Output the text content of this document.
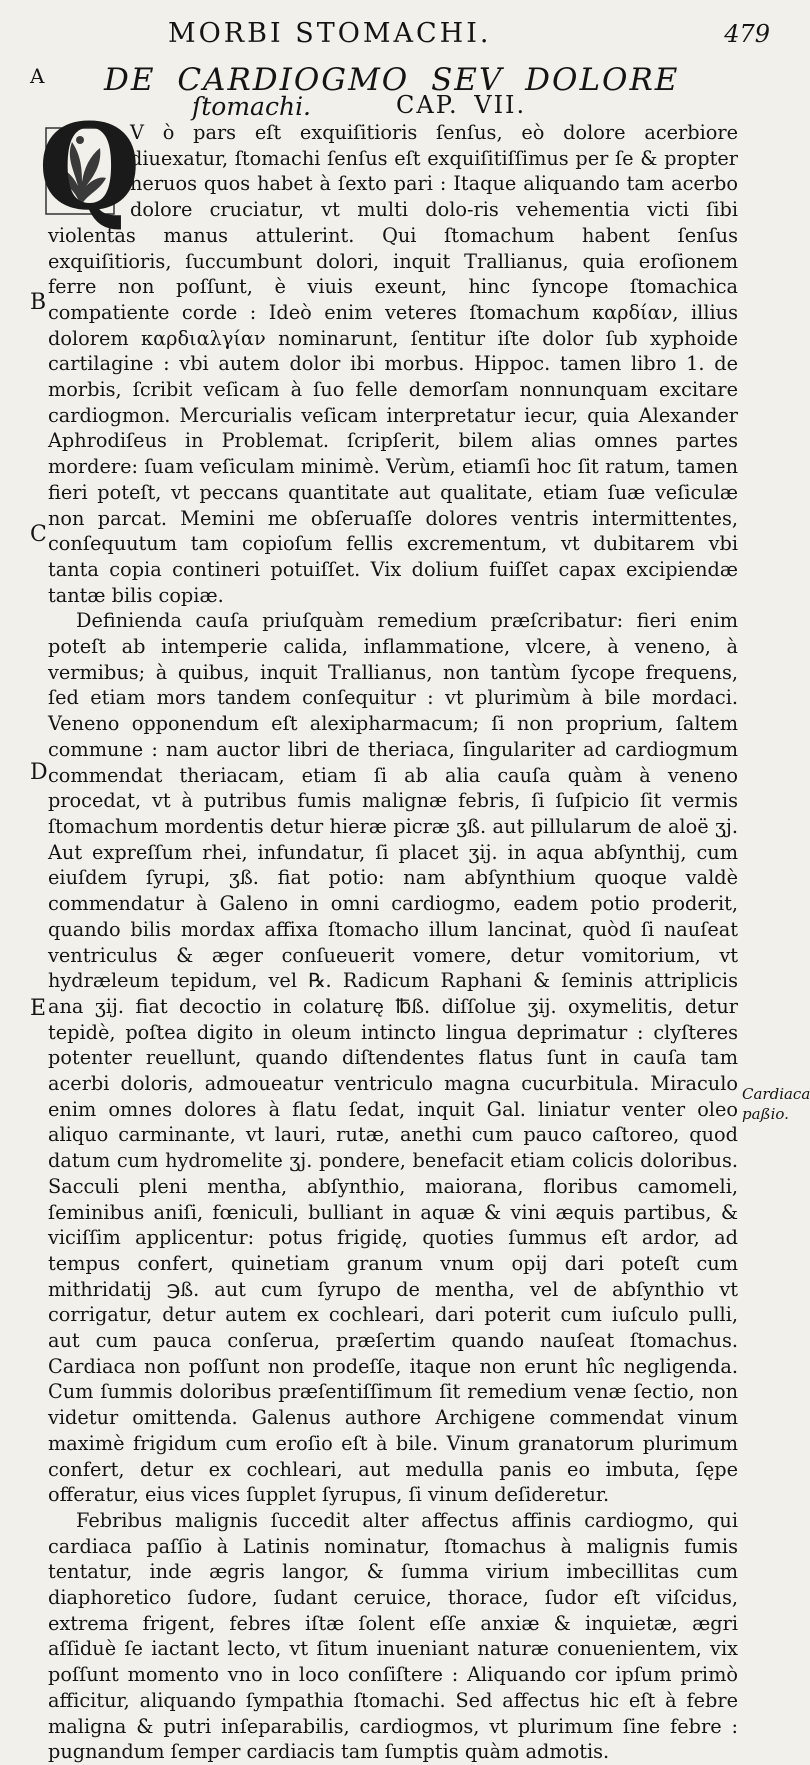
MORBI STOMACHI.	479
A DE CARDIOGMO SEV DOLORE
ſtomachi.	CAP. VII.
B
C
D
E
Cardiaca paßio.

Q
V ò pars eſt exquiſitioris ſenſus, eò dolore acerbiore diuexatur, ſtomachi ſenſus eſt exquiſitiſſimus per ſe & propter neruos quos habet à ſexto pari : Itaque aliquando tam acerbo dolore cruciatur, vt multi dolo-ris vehementia victi ſibi violentas manus attulerint. Qui ſtomachum habent ſenſus exquiſitioris, ſuccumbunt dolori, inquit Trallianus, quia eroſionem ferre non poſſunt, è viuis exeunt, hinc ſyncope ſtomachica compatiente corde : Ideò enim veteres ſtomachum καρδίαν, illius dolorem καρδιαλγίαν nominarunt, ſentitur iſte dolor ſub xyphoide cartilagine : vbi autem dolor ibi morbus. Hippoc. tamen libro 1. de morbis, ſcribit veſicam à ſuo felle demorſam nonnunquam excitare cardiogmon. Mercurialis veſicam interpretatur iecur, quia Alexander Aphrodiſeus in Problemat. ſcripſerit, bilem alias omnes partes mordere: ſuam veſiculam minimè. Verùm, etiamſi hoc ſit ratum, tamen fieri poteſt, vt peccans quantitate aut qualitate, etiam ſuæ veſiculæ non parcat. Memini me obſeruaſſe dolores ventris intermittentes, conſequutum tam copioſum fellis excrementum, vt dubitarem vbi tanta copia contineri potuiſſet. Vix dolium fuiſſet capax excipiendæ tantæ bilis copiæ.

Definienda cauſa priuſquàm remedium præſcribatur: fieri enim poteſt ab intemperie calida, inflammatione, vlcere, à veneno, à vermibus; à quibus, inquit Trallianus, non tantùm ſycope frequens, ſed etiam mors tandem conſequitur : vt plurimùm à bile mordaci. Veneno opponendum eſt alexipharmacum; ſi non proprium, ſaltem commune : nam auctor libri de theriaca, ſingulariter ad cardiogmum commendat theriacam, etiam ſi ab alia cauſa quàm à veneno procedat, vt à putribus fumis malignæ febris, ſi ſuſpicio ſit vermis ſtomachum mordentis detur hieræ picræ ʒß. aut pillularum de aloë ʒj. Aut expreſſum rhei, infundatur, ſi placet ʒij. in aqua abſynthij, cum eiuſdem ſyrupi, ʒß. fiat potio: nam abſynthium quoque valdè commendatur à Galeno in omni cardiogmo, eadem potio proderit, quando bilis mordax affixa ſtomacho illum lancinat, quòd ſi nauſeat ventriculus & æger conſueuerit vomere, detur vomitorium, vt hydræleum tepidum, vel ℞. Radicum Raphani & ſeminis attriplicis ana ʒij. fiat decoctio in colaturę ℔ß. diſſolue ʒij. oxymelitis, detur tepidè, poſtea digito in oleum intincto lingua deprimatur : clyſteres potenter reuellunt, quando diſtendentes flatus ſunt in cauſa tam acerbi doloris, admoueatur ventriculo magna cucurbitula. Miraculo enim omnes dolores à flatu ſedat, inquit Gal. liniatur venter oleo aliquo carminante, vt lauri, rutæ, anethi cum pauco caſtoreo, quod datum cum hydromelite ʒj. pondere, benefacit etiam colicis doloribus. Sacculi pleni mentha, abſynthio, maiorana, floribus camomeli, ſeminibus aniſi, fœniculi, bulliant in aquæ & vini æquis partibus, & viciſſim applicentur: potus frigidę, quoties ſummus eſt ardor, ad tempus confert, quinetiam granum vnum opij dari poteſt cum mithridatij ℈ß. aut cum ſyrupo de mentha, vel de abſynthio vt corrigatur, detur autem ex cochleari, dari poterit cum iuſculo pulli, aut cum pauca conſerua, præſertim quando nauſeat ſtomachus. Cardiaca non poſſunt non prodeſſe, itaque non erunt hîc negligenda. Cum ſummis doloribus præſentiſſimum ſit remedium venæ ſectio, non videtur omittenda. Galenus authore Archigene commendat vinum maximè frigidum cum eroſio eſt à bile. Vinum granatorum plurimum confert, detur ex cochleari, aut medulla panis eo imbuta, ſępe offeratur, eius vices ſupplet ſyrupus, ſi vinum deſideretur.

Febribus malignis ſuccedit alter affectus affinis cardiogmo, qui cardiaca paſſio à Latinis nominatur, ſtomachus à malignis fumis tentatur, inde ægris langor, & ſumma virium imbecillitas cum diaphoretico ſudore, ſudant ceruice, thorace, ſudor eſt viſcidus, extrema frigent, febres iſtæ ſolent eſſe anxiæ & inquietæ, ægri aſſiduè ſe iactant lecto, vt ſitum inueniant naturæ conuenientem, vix poſſunt momento vno in loco conſiſtere : Aliquando cor ipſum primò afficitur, aliquando ſympathia ſtomachi. Sed affectus hic eſt à febre maligna & putri inſeparabilis, cardiogmos, vt plurimum ſine febre : pugnandum ſemper cardiacis tam ſumptis quàm admotis.
